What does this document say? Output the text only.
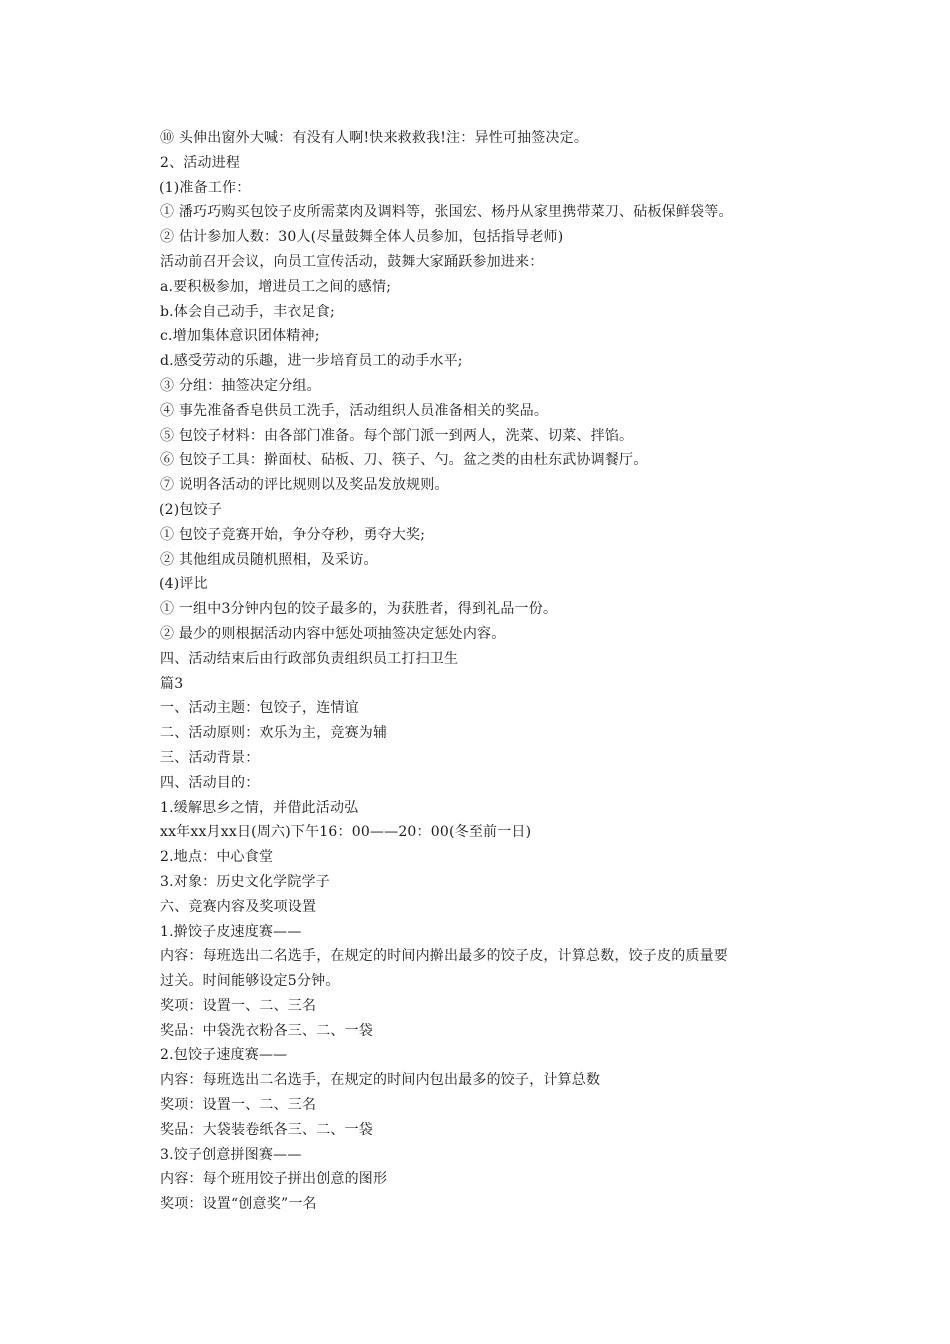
⑩ 头伸出窗外大喊：有没有人啊!快来救救我!注：异性可抽签决定。
2、活动进程
(1)准备工作：
① 潘巧巧购买包饺子皮所需菜肉及调料等，张国宏、杨丹从家里携带菜刀、砧板保鲜袋等。
② 估计参加人数：30人(尽量鼓舞全体人员参加，包括指导老师)
活动前召开会议，向员工宣传活动，鼓舞大家踊跃参加进来：
a.要积极参加，增进员工之间的感情;
b.体会自己动手，丰衣足食;
c.增加集体意识团体精神;
d.感受劳动的乐趣，进一步培育员工的动手水平;
③ 分组：抽签决定分组。
④ 事先准备香皂供员工洗手，活动组织人员准备相关的奖品。
⑤ 包饺子材料：由各部门准备。每个部门派一到两人，洗菜、切菜、拌馅。
⑥ 包饺子工具：擀面杖、砧板、刀、筷子、勺。盆之类的由杜东武协调餐厅。
⑦ 说明各活动的评比规则以及奖品发放规则。
(2)包饺子
① 包饺子竞赛开始，争分夺秒，勇夺大奖;
② 其他组成员随机照相，及采访。
(4)评比
① 一组中3分钟内包的饺子最多的，为获胜者，得到礼品一份。
② 最少的则根据活动内容中惩处项抽签决定惩处内容。
四、活动结束后由行政部负责组织员工打扫卫生
篇3
一、活动主题：包饺子，连情谊
二、活动原则：欢乐为主，竞赛为辅
三、活动背景：
四、活动目的：
1.缓解思乡之情，并借此活动弘
xx年xx月xx日(周六)下午16：00——20：00(冬至前一日)
2.地点：中心食堂
3.对象：历史文化学院学子
六、竞赛内容及奖项设置
1.擀饺子皮速度赛——
内容：每班选出二名选手，在规定的时间内擀出最多的饺子皮，计算总数，饺子皮的质量要
过关。时间能够设定5分钟。
奖项：设置一、二、三名
奖品：中袋洗衣粉各三、二、一袋
2.包饺子速度赛——
内容：每班选出二名选手，在规定的时间内包出最多的饺子，计算总数
奖项：设置一、二、三名
奖品：大袋装卷纸各三、二、一袋
3.饺子创意拼图赛——
内容：每个班用饺子拼出创意的图形
奖项：设置“创意奖”一名
